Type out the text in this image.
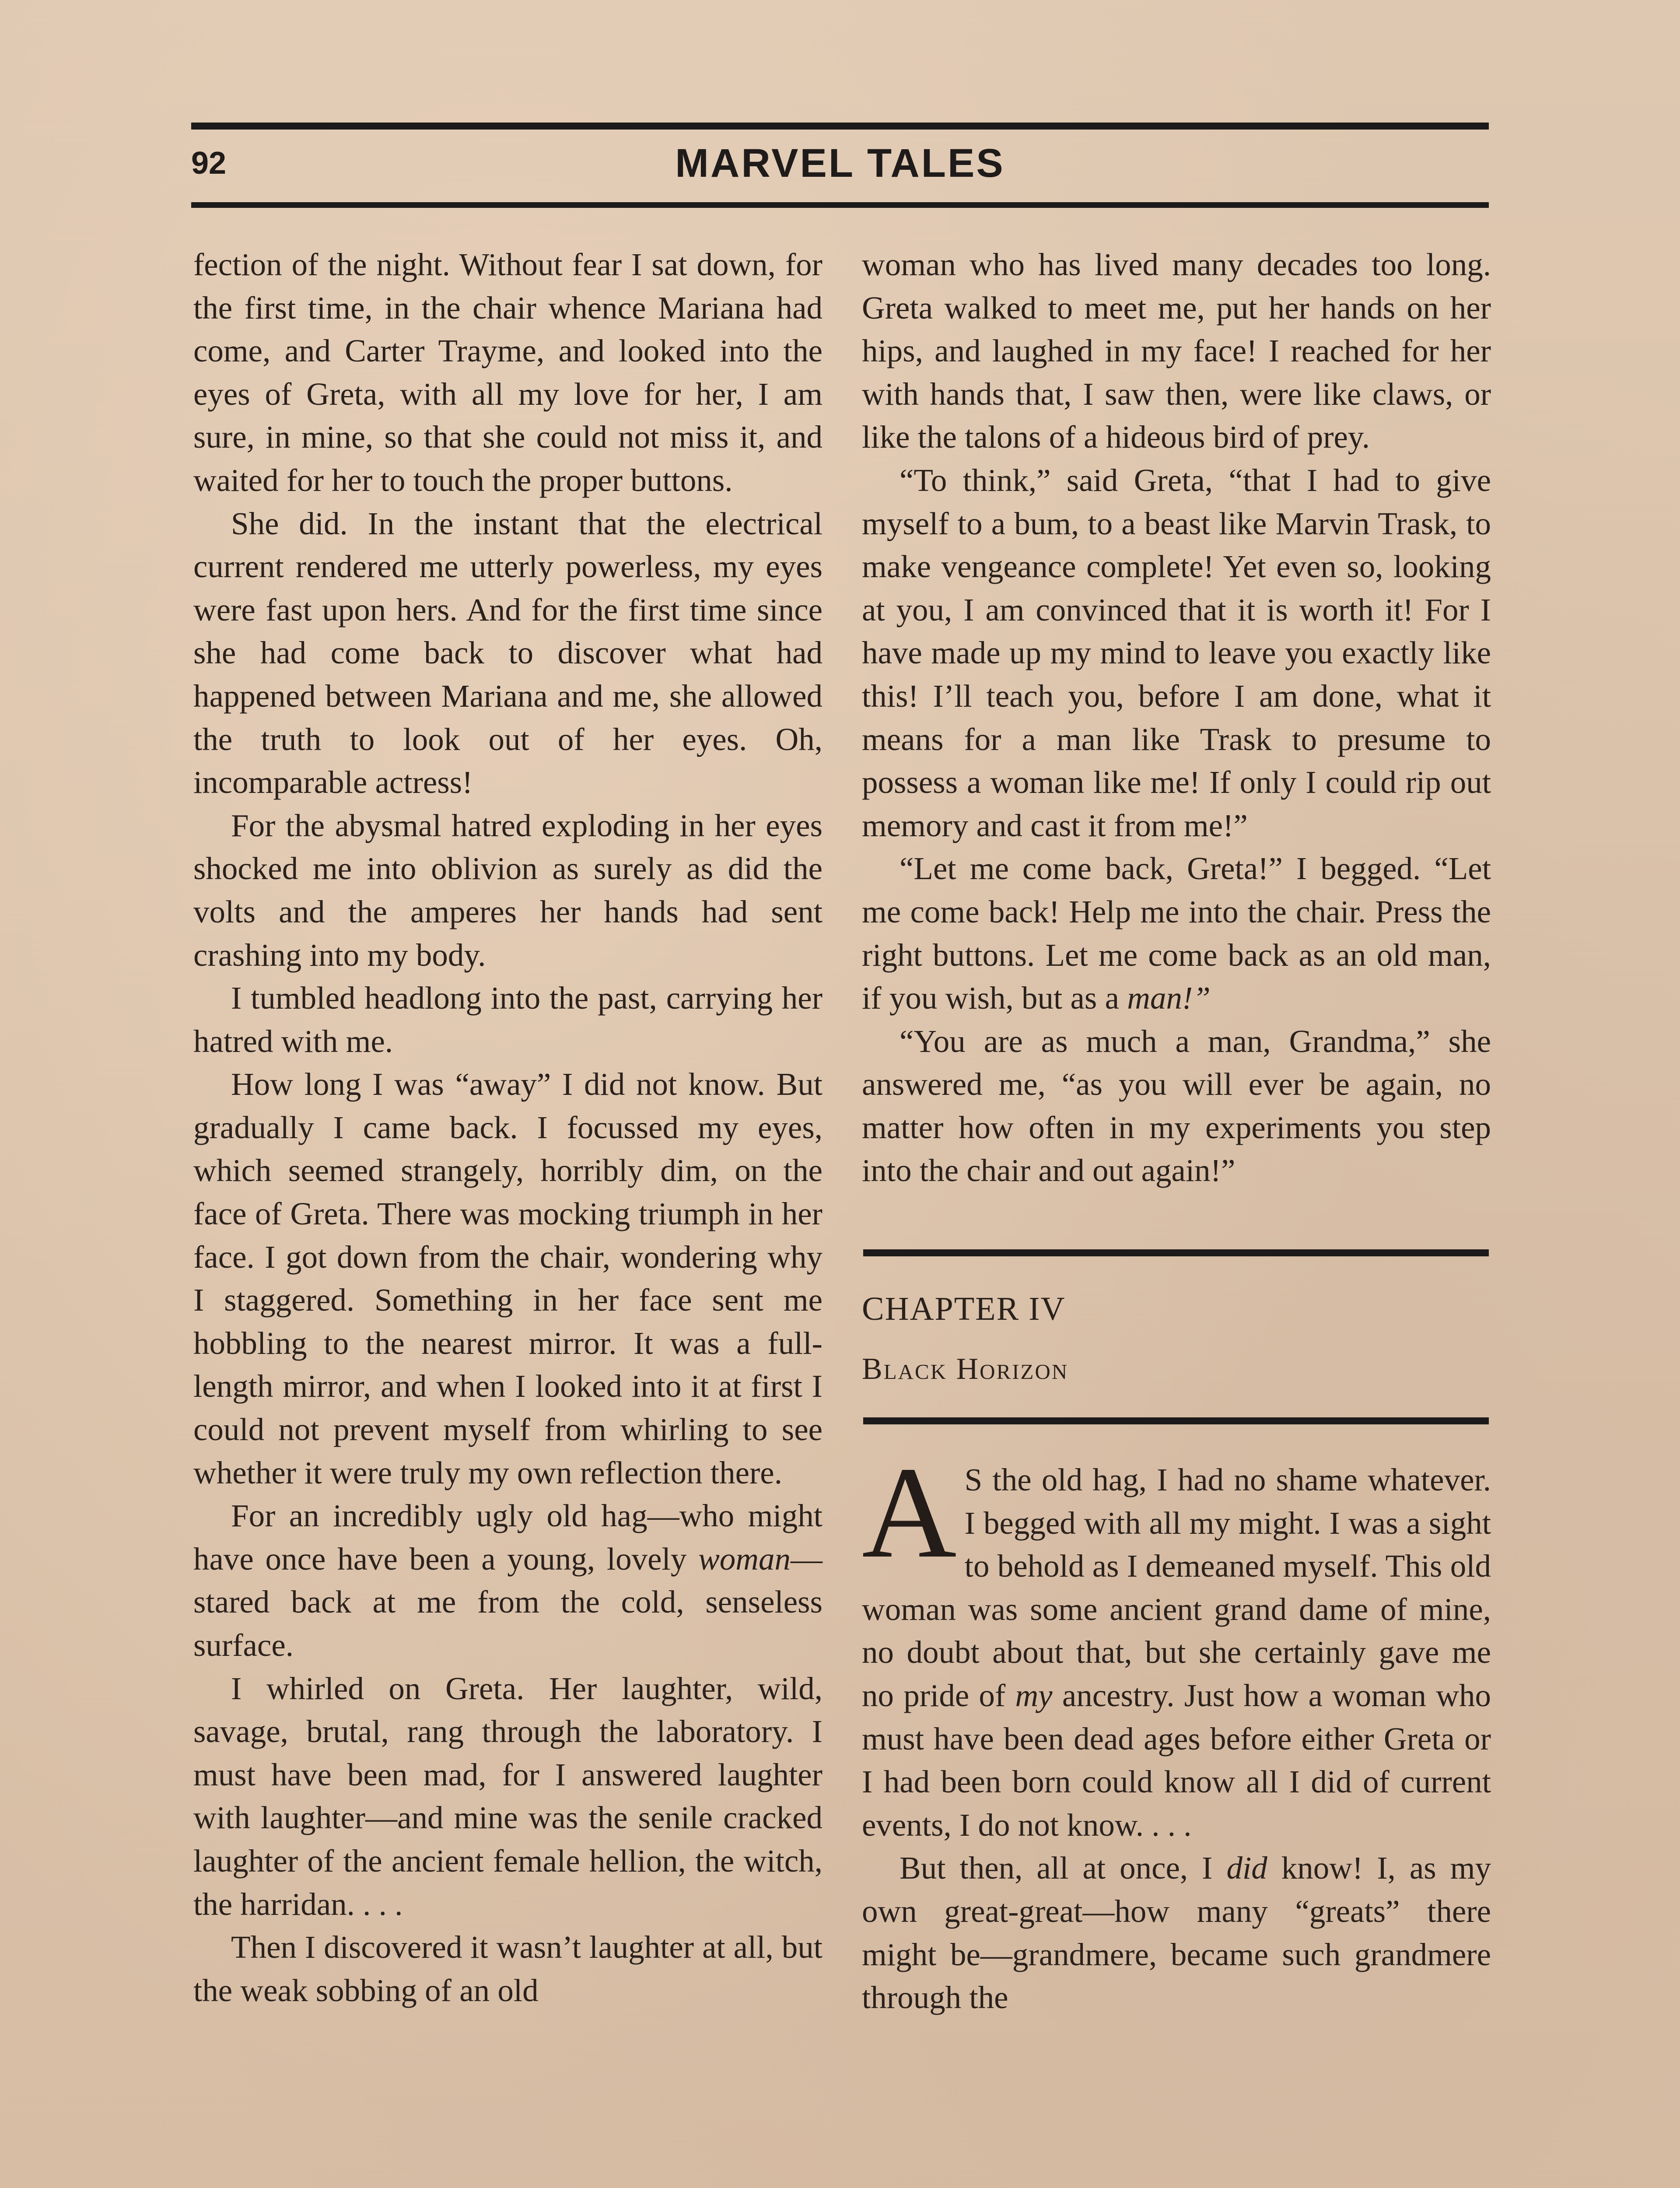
92	MARVEL TALES

fection of the night. Without fear I sat down, for the first time, in the chair whence Mariana had come, and Carter Trayme, and looked into the eyes of Greta, with all my love for her, I am sure, in mine, so that she could not miss it, and waited for her to touch the proper buttons.

She did. In the instant that the electrical current rendered me utterly powerless, my eyes were fast upon hers. And for the first time since she had come back to discover what had happened between Mariana and me, she allowed the truth to look out of her eyes. Oh, incomparable actress!

For the abysmal hatred exploding in her eyes shocked me into oblivion as surely as did the volts and the amperes her hands had sent crashing into my body.

I tumbled headlong into the past, carrying her hatred with me.

How long I was “away” I did not know. But gradually I came back. I focussed my eyes, which seemed strangely, horribly dim, on the face of Greta. There was mocking triumph in her face. I got down from the chair, wondering why I staggered. Something in her face sent me hobbling to the nearest mirror. It was a full-length mirror, and when I looked into it at first I could not prevent myself from whirling to see whether it were truly my own reflection there.

For an incredibly ugly old hag—who might have once have been a young, lovely woman—stared back at me from the cold, senseless surface.

I whirled on Greta. Her laughter, wild, savage, brutal, rang through the laboratory. I must have been mad, for I answered laughter with laughter—and mine was the senile cracked laughter of the ancient female hellion, the witch, the harridan. . . .

Then I discovered it wasn’t laughter at all, but the weak sobbing of an old

woman who has lived many decades too long. Greta walked to meet me, put her hands on her hips, and laughed in my face! I reached for her with hands that, I saw then, were like claws, or like the talons of a hideous bird of prey.

“To think,” said Greta, “that I had to give myself to a bum, to a beast like Marvin Trask, to make vengeance complete! Yet even so, looking at you, I am convinced that it is worth it! For I have made up my mind to leave you exactly like this! I’ll teach you, before I am done, what it means for a man like Trask to presume to possess a woman like me! If only I could rip out memory and cast it from me!”

“Let me come back, Greta!” I begged. “Let me come back! Help me into the chair. Press the right buttons. Let me come back as an old man, if you wish, but as a man!”

“You are as much a man, Grandma,” she answered me, “as you will ever be again, no matter how often in my experiments you step into the chair and out again!”

CHAPTER IV

Black Horizon

A S the old hag, I had no shame whatever. I begged with all my might. I was a sight to behold as I demeaned myself. This old woman was some ancient grand dame of mine, no doubt about that, but she certainly gave me no pride of my ancestry. Just how a woman who must have been dead ages before either Greta or I had been born could know all I did of current events, I do not know. . . .

But then, all at once, I did know! I, as my own great-great—how many “greats” there might be—grandmere, became such grandmere through the
